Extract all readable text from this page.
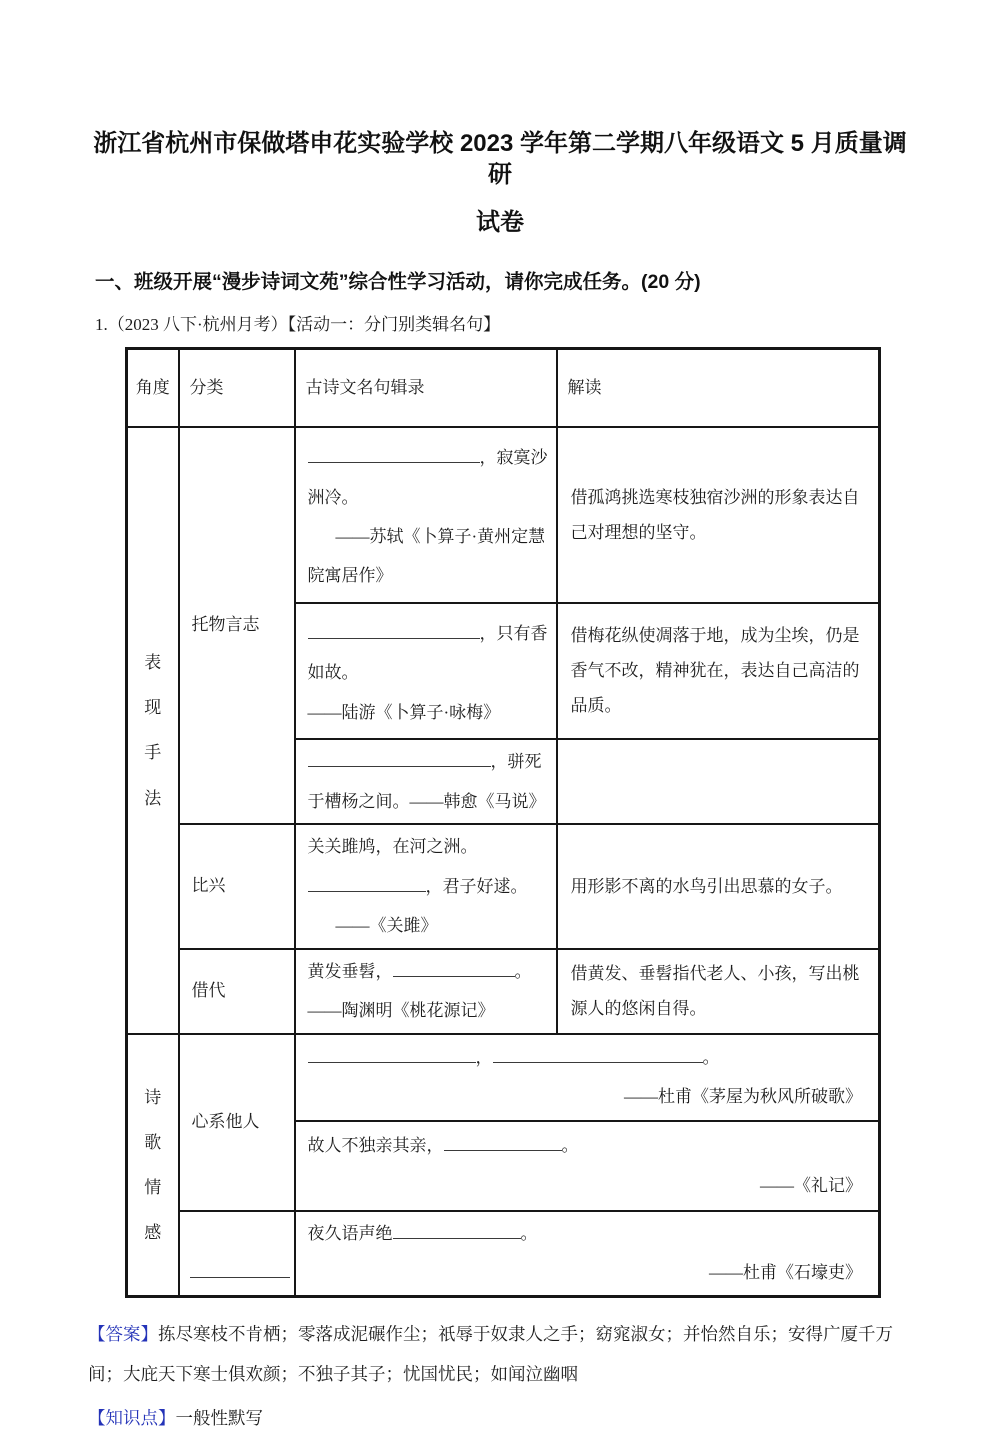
浙江省杭州市保做塔申花实验学校 2023 学年第二学期八年级语文 5 月质量调研
试卷
一、班级开展“漫步诗词文苑”综合性学习活动，请你完成任务。(20 分)

1.（2023 八下·杭州月考）【活动一：分门别类辑名句】

角度	分类	古诗文名句辑录	解读

表现手法	托物言志	，寂寞沙洲冷。

——苏轼《卜算子·黄州定慧院寓居作》	借孤鸿挑选寒枝独宿沙洲的形象表达自己对理想的坚守。

		，只有香如故。

——陆游《卜算子·咏梅》	借梅花纵使凋落于地，成为尘埃，仍是香气不改，精神犹在，表达自己高洁的品质。

		，骈死于槽杨之间。——韩愈《马说》	

	比兴	关关雎鸠，在河之洲。

，君子好逑。

——《关雎》	用形影不离的水鸟引出思慕的女子。
	借代	黄发垂髫， 。

——陶渊明《桃花源记》	借黄发、垂髫指代老人、小孩，写出桃源人的悠闲自得。

诗歌情感	心系他人	， 。

——杜甫《茅屋为秋风所破歌》	

		故人不独亲其亲， 。

——《礼记》	

		夜久语声绝 。

——杜甫《石壕吏》	

【答案】拣尽寒枝不肯栖；零落成泥碾作尘；祇辱于奴隶人之手；窈窕淑女；并怡然自乐；安得广厦千万间；大庇天下寒士俱欢颜；不独子其子；忧国忧民；如闻泣幽咽

【知识点】一般性默写
